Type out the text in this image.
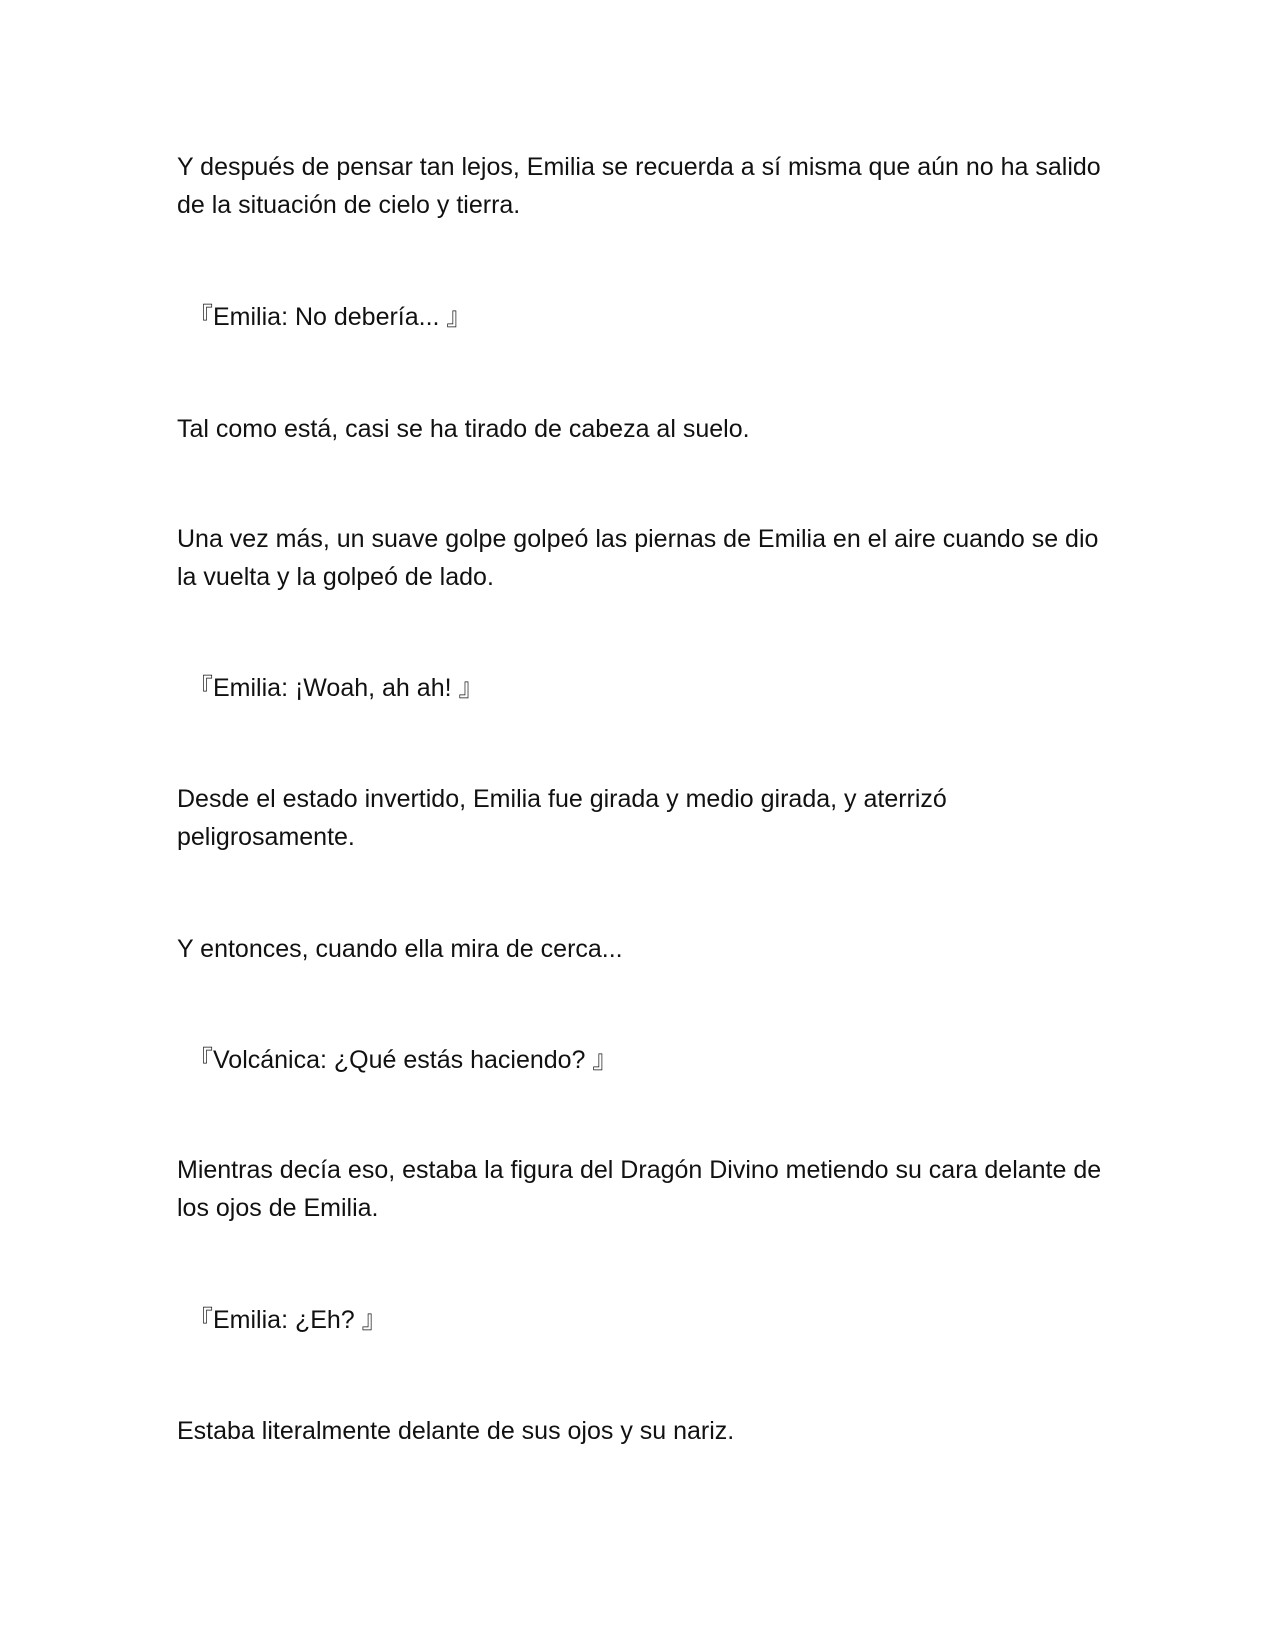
Y después de pensar tan lejos, Emilia se recuerda a sí misma que aún no ha salido de la situación de cielo y tierra.

『Emilia: No debería... 』

Tal como está, casi se ha tirado de cabeza al suelo.

Una vez más, un suave golpe golpeó las piernas de Emilia en el aire cuando se dio la vuelta y la golpeó de lado.

『Emilia: ¡Woah, ah ah! 』

Desde el estado invertido, Emilia fue girada y medio girada, y aterrizó peligrosamente.

Y entonces, cuando ella mira de cerca...

『Volcánica: ¿Qué estás haciendo? 』

Mientras decía eso, estaba la figura del Dragón Divino metiendo su cara delante de los ojos de Emilia.

『Emilia: ¿Eh? 』

Estaba literalmente delante de sus ojos y su nariz.
